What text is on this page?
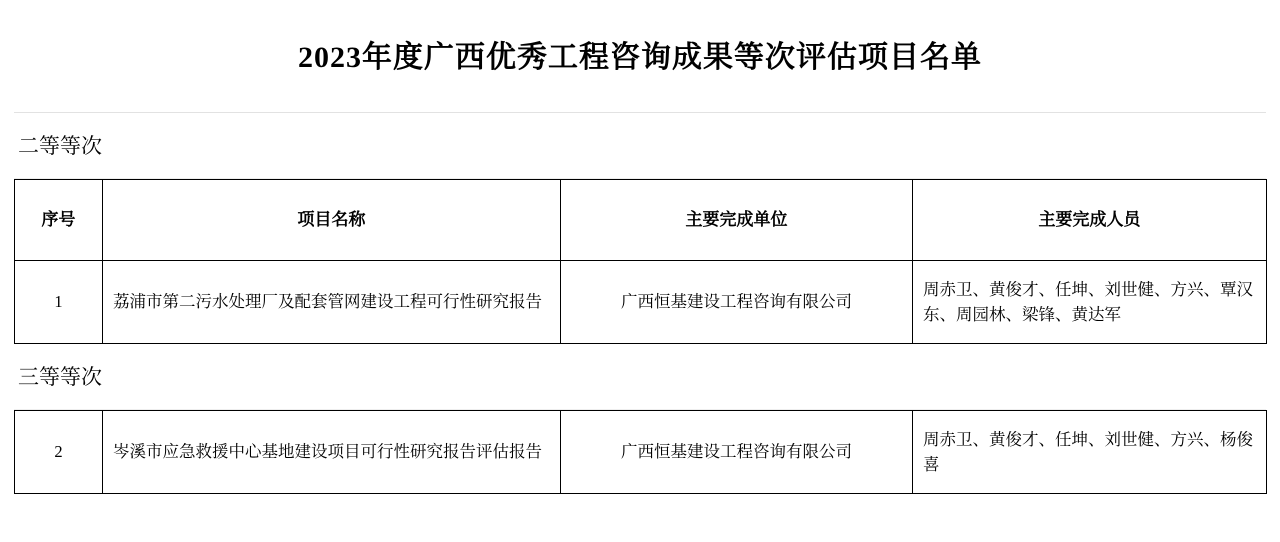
2023年度广西优秀工程咨询成果等次评估项目名单
二等等次
序号	项目名称	主要完成单位	主要完成人员
1	荔浦市第二污水处理厂及配套管网建设工程可行性研究报告	广西恒基建设工程咨询有限公司	周赤卫、黄俊才、任坤、刘世健、方兴、覃汉东、周园林、梁锋、黄达军
三等等次
2	岑溪市应急救援中心基地建设项目可行性研究报告评估报告	广西恒基建设工程咨询有限公司	周赤卫、黄俊才、任坤、刘世健、方兴、杨俊喜
